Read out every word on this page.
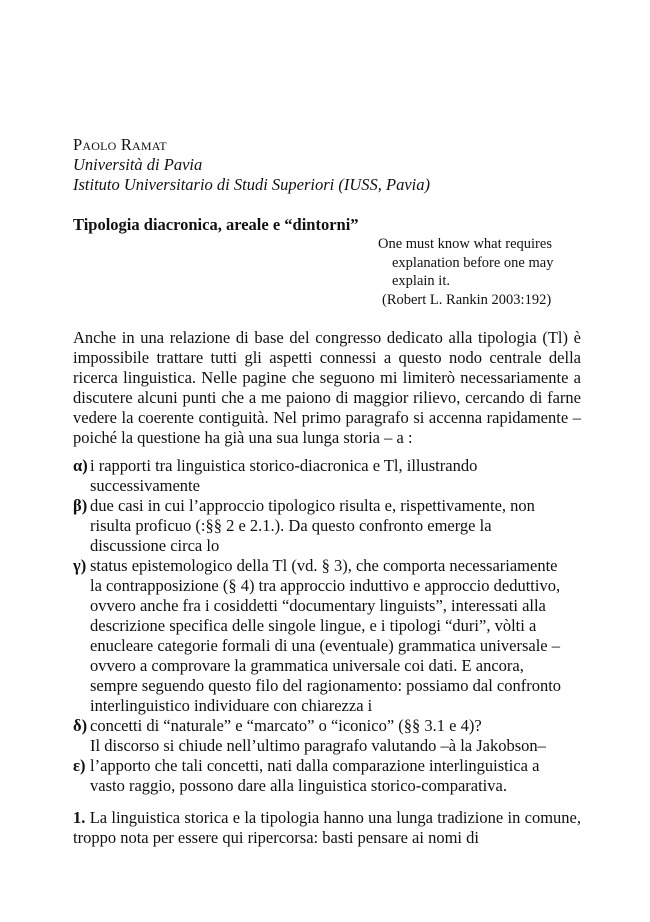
Paolo Ramat
Università di Pavia
Istituto Universitario di Studi Superiori (IUSS, Pavia)
Tipologia diacronica, areale e “dintorni”
One must know what requires
explanation before one may
explain it.
(Robert L. Rankin 2003:192)
Anche in una relazione di base del congresso dedicato alla tipologia (Tl) è impossibile trattare tutti gli aspetti connessi a questo nodo centrale della ricerca linguistica. Nelle pagine che seguono mi limiterò necessariamente a discutere alcuni punti che a me paiono di maggior rilievo, cercando di farne vedere la coerente contiguità. Nel primo paragrafo si accenna rapidamente – poiché la questione ha già una sua lunga storia – a :
α) i rapporti tra linguistica storico-diacronica e Tl, illustrando
successivamente
β) due casi in cui l’approccio tipologico risulta e, rispettivamente, non
risulta proficuo (:§§ 2 e 2.1.). Da questo confronto emerge la
discussione circa lo
γ) status epistemologico della Tl (vd. § 3), che comporta necessariamente
la contrapposizione (§ 4) tra approccio induttivo e approccio deduttivo,
ovvero anche fra i cosiddetti “documentary linguists”, interessati alla
descrizione specifica delle singole lingue, e i tipologi “duri”, vòlti a
enucleare categorie formali di una (eventuale) grammatica universale –
ovvero a comprovare la grammatica universale coi dati. E ancora,
sempre seguendo questo filo del ragionamento: possiamo dal confronto
interlinguistico individuare con chiarezza i
δ) concetti di “naturale” e “marcato” o “iconico” (§§ 3.1 e 4)?
Il discorso si chiude nell’ultimo paragrafo valutando –à la Jakobson–
ε) l’apporto che tali concetti, nati dalla comparazione interlinguistica a
vasto raggio, possono dare alla linguistica storico-comparativa.
1. La linguistica storica e la tipologia hanno una lunga tradizione in comune, troppo nota per essere qui ripercorsa: basti pensare ai nomi di
